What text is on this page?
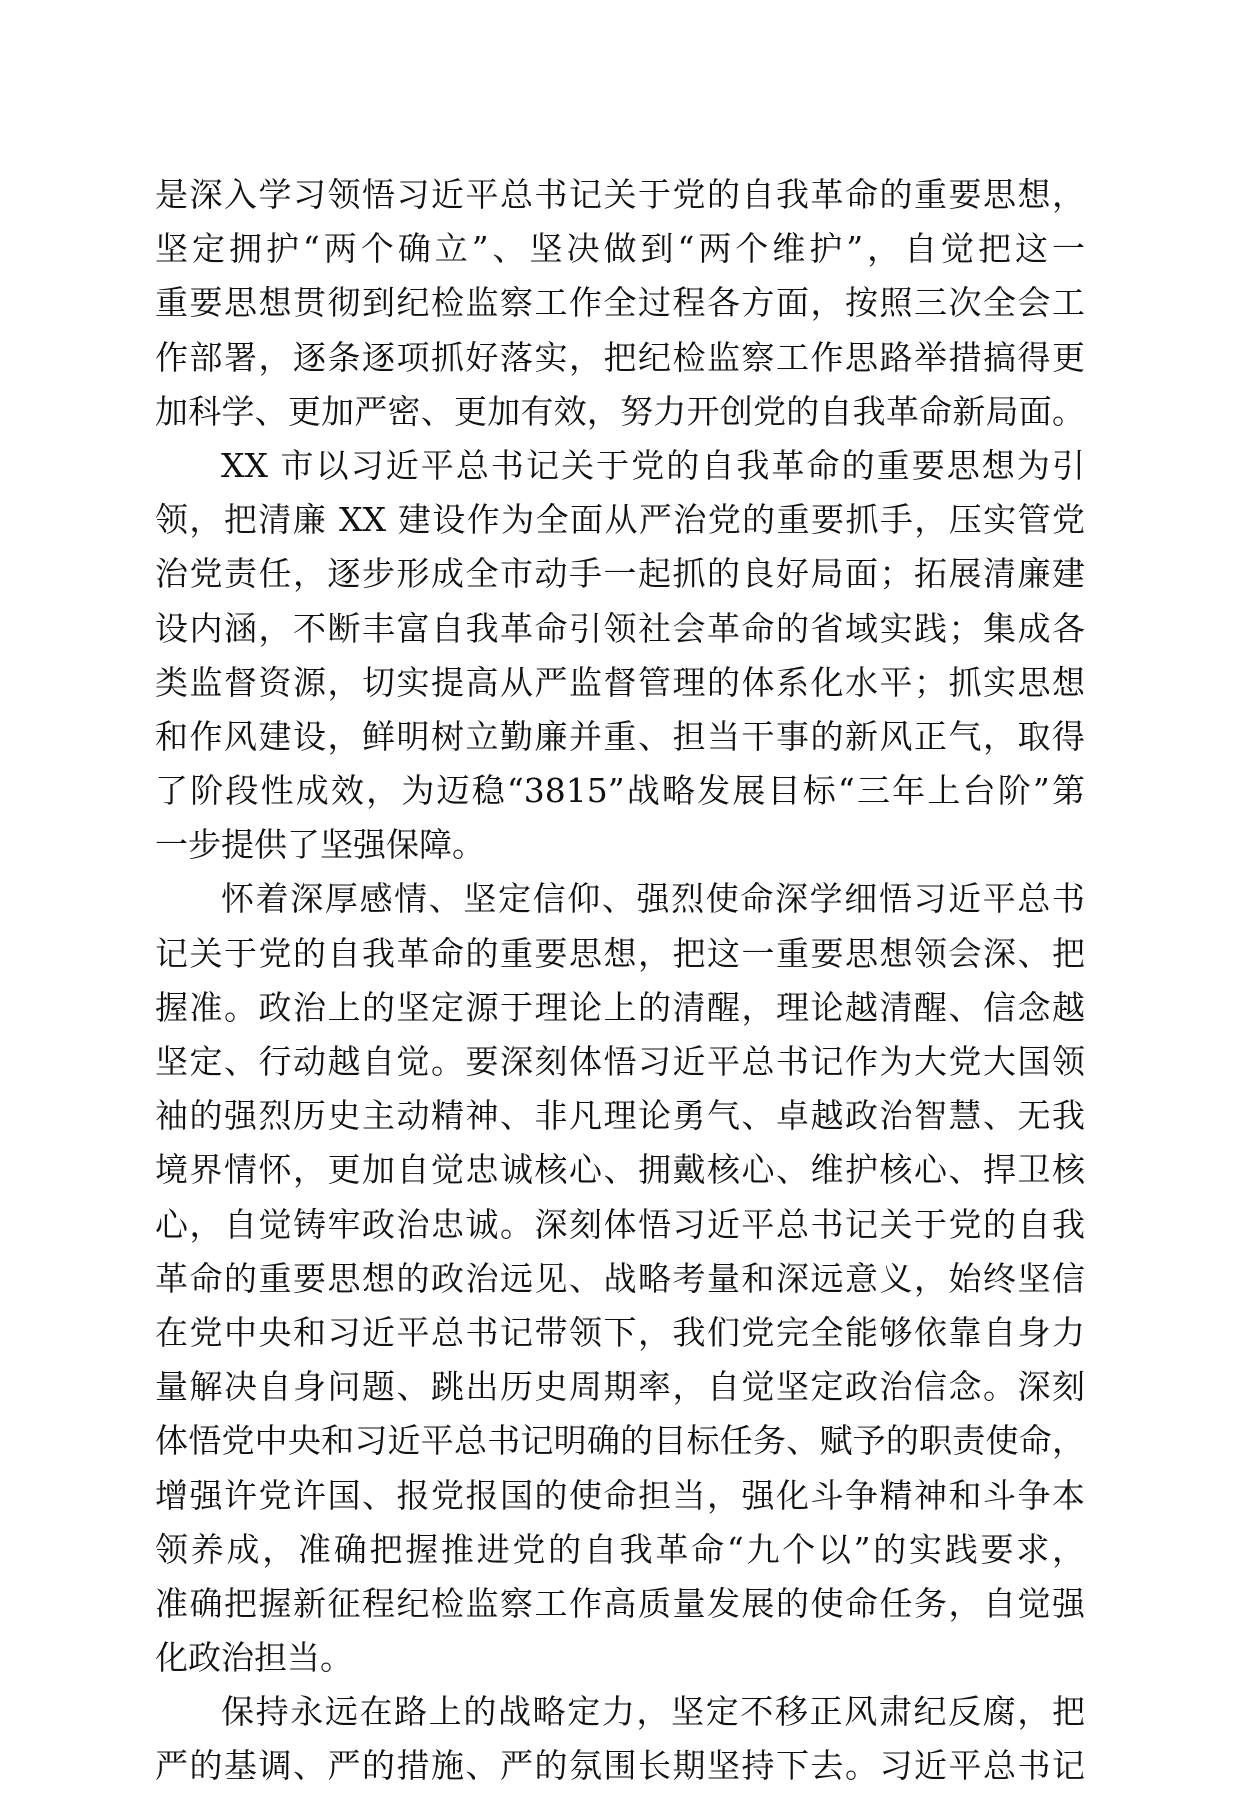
是深入学习领悟习近平总书记关于党的自我革命的重要思想，
坚定拥护“两个确立”、坚决做到“两个维护”，自觉把这一
重要思想贯彻到纪检监察工作全过程各方面，按照三次全会工
作部署，逐条逐项抓好落实，把纪检监察工作思路举措搞得更
加科学、更加严密、更加有效，努力开创党的自我革命新局面。
XX 市以习近平总书记关于党的自我革命的重要思想为引
领，把清廉 XX 建设作为全面从严治党的重要抓手，压实管党
治党责任，逐步形成全市动手一起抓的良好局面；拓展清廉建
设内涵，不断丰富自我革命引领社会革命的省域实践；集成各
类监督资源，切实提高从严监督管理的体系化水平；抓实思想
和作风建设，鲜明树立勤廉并重、担当干事的新风正气，取得
了阶段性成效，为迈稳“3815”战略发展目标“三年上台阶”第
一步提供了坚强保障。
怀着深厚感情、坚定信仰、强烈使命深学细悟习近平总书
记关于党的自我革命的重要思想，把这一重要思想领会深、把
握准。政治上的坚定源于理论上的清醒，理论越清醒、信念越
坚定、行动越自觉。要深刻体悟习近平总书记作为大党大国领
袖的强烈历史主动精神、非凡理论勇气、卓越政治智慧、无我
境界情怀，更加自觉忠诚核心、拥戴核心、维护核心、捍卫核
心，自觉铸牢政治忠诚。深刻体悟习近平总书记关于党的自我
革命的重要思想的政治远见、战略考量和深远意义，始终坚信
在党中央和习近平总书记带领下，我们党完全能够依靠自身力
量解决自身问题、跳出历史周期率，自觉坚定政治信念。深刻
体悟党中央和习近平总书记明确的目标任务、赋予的职责使命，
增强许党许国、报党报国的使命担当，强化斗争精神和斗争本
领养成，准确把握推进党的自我革命“九个以”的实践要求，
准确把握新征程纪检监察工作高质量发展的使命任务，自觉强
化政治担当。
保持永远在路上的战略定力，坚定不移正风肃纪反腐，把
严的基调、严的措施、严的氛围长期坚持下去。习近平总书记
